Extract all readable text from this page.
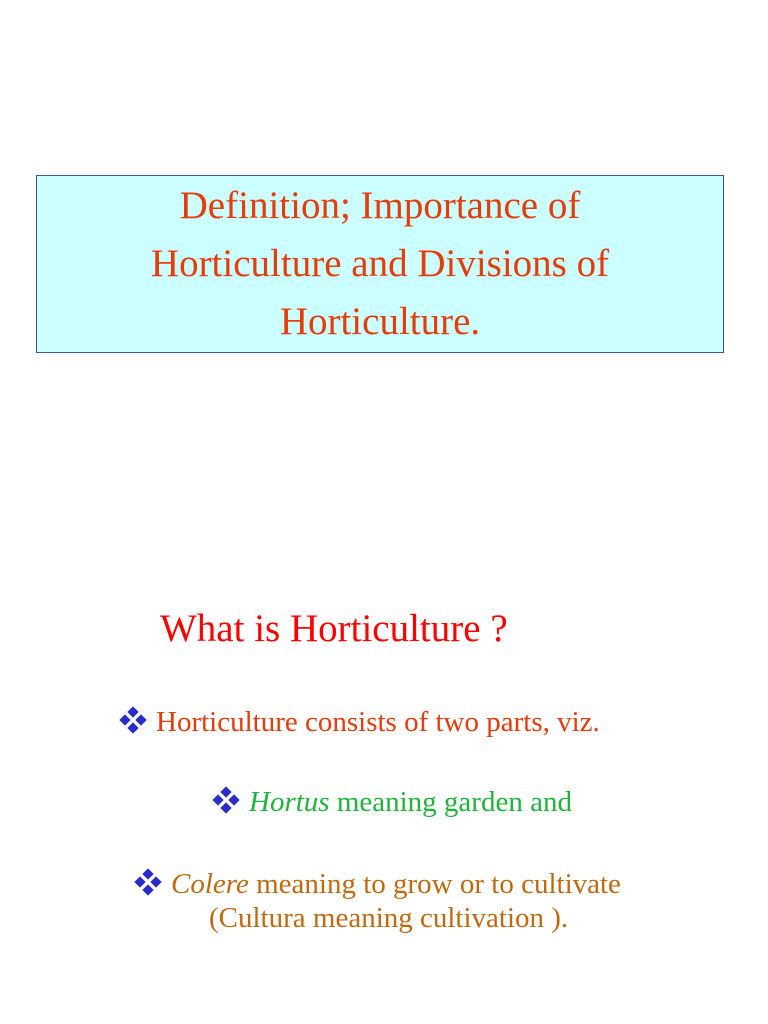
Definition; Importance of
Horticulture and Divisions of
Horticulture.
What is Horticulture ?
Horticulture consists of two parts, viz.
Hortus meaning garden and
Colere meaning to grow or to cultivate
(Cultura meaning cultivation ).
